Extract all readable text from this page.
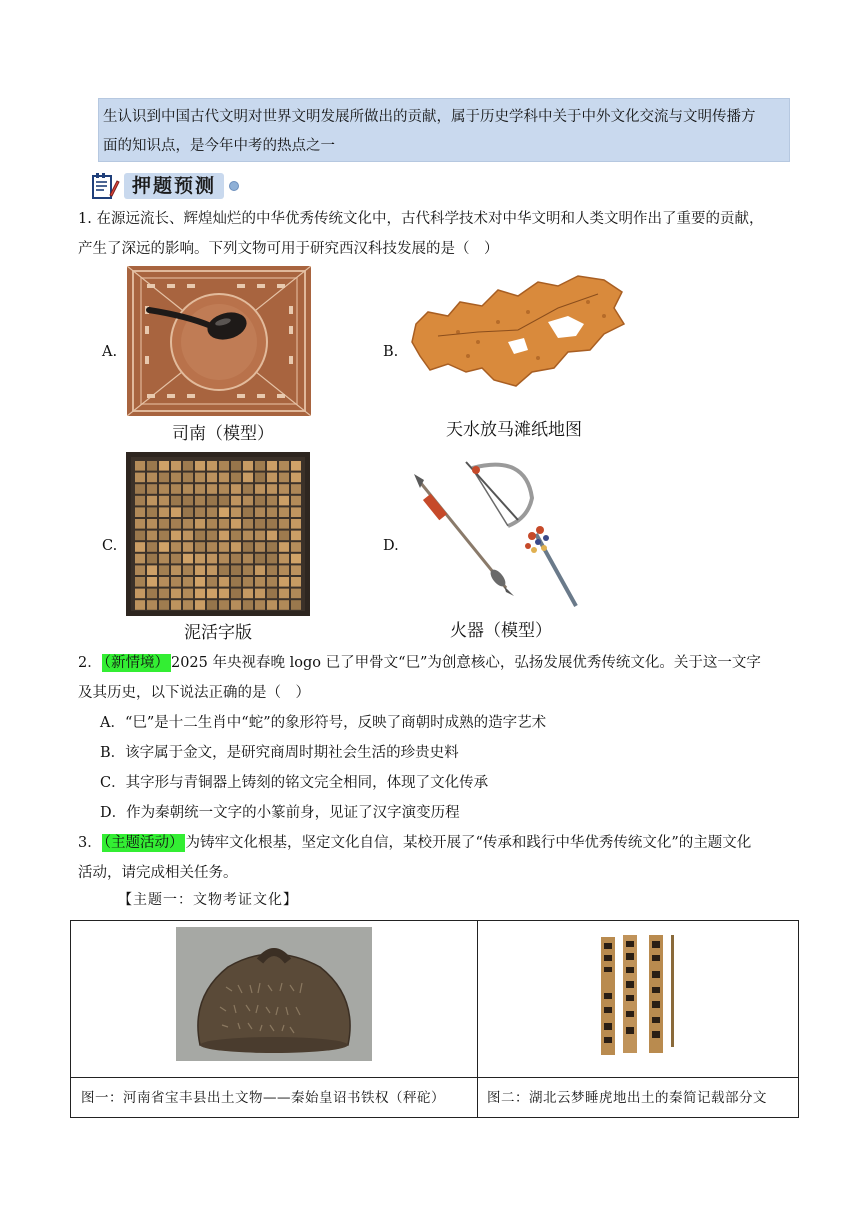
生认识到中国古代文明对世界文明发展所做出的贡献，属于历史学科中关于中外文化交流与文明传播方
面的知识点，是今年中考的热点之一
押题预测
1. 在源远流长、辉煌灿烂的中华优秀传统文化中，古代科学技术对中华文明和人类文明作出了重要的贡献，
产生了深远的影响。下列文物可用于研究西汉科技发展的是（　）
A.
司南（模型）
B.
天水放马滩纸地图
C.
泥活字版
D.
火器（模型）
2． （新情境） 2025 年央视春晚 logo 已了甲骨文“巳”为创意核心，弘扬发展优秀传统文化。关于这一文字
及其历史，以下说法正确的是（　）
A．“巳”是十二生肖中“蛇”的象形符号，反映了商朝时成熟的造字艺术
B．该字属于金文，是研究商周时期社会生活的珍贵史料
C．其字形与青铜器上铸刻的铭文完全相同，体现了文化传承
D．作为秦朝统一文字的小篆前身，见证了汉字演变历程
3． （主题活动） 为铸牢文化根基，坚定文化自信，某校开展了“传承和践行中华优秀传统文化”的主题文化
活动，请完成相关任务。
【主题一：文物考证文化】
图一：河南省宝丰县出土文物——秦始皇诏书铁权（秤砣）	图二：湖北云梦睡虎地出土的秦简记载部分文
